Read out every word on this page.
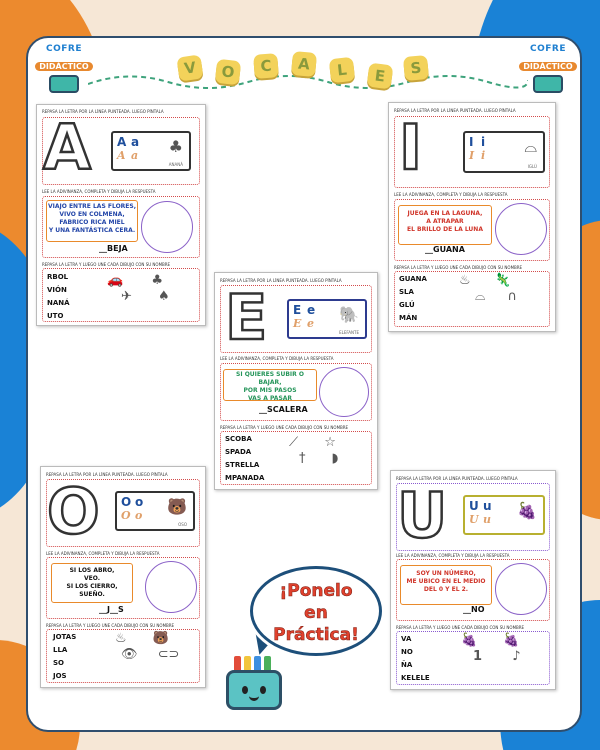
COFRE
DIDÁCTICO
COFRE
DIDÁCTICO
V	O	C	A	L	E	S
REPASA LA LETRA POR LA LÍNEA PUNTEADA. LUEGO PÍNTALA
A A a
A a ♣
ANANÁ
LEE LA ADIVINANZA, COMPLETA Y DIBUJA LA RESPUESTA
VIAJO ENTRE LAS FLORES,
VIVO EN COLMENA,
FABRICO RICA MIEL
Y UNA FANTÁSTICA CERA.
__BEJA
REPASA LA LETRA Y LUEGO UNE CADA DIBUJO CON SU NOMBRE
RBOL
VIÓN
NANÁ
UTO
🚗 ♣
✈ ♠
REPASA LA LETRA POR LA LÍNEA PUNTEADA. LUEGO PÍNTALA
I	I i
I i ⌓
IGLÚ
LEE LA ADIVINANZA, COMPLETA Y DIBUJA LA RESPUESTA
JUEGA EN LA LAGUNA,
A ATRAPAR
EL BRILLO DE LA LUNA
__GUANA
REPASA LA LETRA Y LUEGO UNE CADA DIBUJO CON SU NOMBRE
GUANA
SLA
GLÚ
MÁN
♨ 🦎
⌓ ∩
REPASA LA LETRA POR LA LÍNEA PUNTEADA. LUEGO PÍNTALA
E E e
E e 🐘
ELEFANTE
LEE LA ADIVINANZA, COMPLETA Y DIBUJA LA RESPUESTA
SI QUIERES SUBIR O BAJAR,
POR MIS PASOS
VAS A PASAR
__SCALERA
REPASA LA LETRA Y LUEGO UNE CADA DIBUJO CON SU NOMBRE
SCOBA
SPADA
STRELLA
MPANADA
⟋ ☆
† ◗
REPASA LA LETRA POR LA LÍNEA PUNTEADA. LUEGO PÍNTALA
O O o
O o 🐻
OSO
LEE LA ADIVINANZA, COMPLETA Y DIBUJA LA RESPUESTA
SI LOS ABRO,
VEO.
SI LOS CIERRO,
SUEÑO.
__J__S
REPASA LA LETRA Y LUEGO UNE CADA DIBUJO CON SU NOMBRE
JOTAS
LLA
SO
JOS
♨ 🐻
👁 ⊂⊃
REPASA LA LETRA POR LA LÍNEA PUNTEADA. LUEGO PÍNTALA
U U u
U u 🍇
LEE LA ADIVINANZA, COMPLETA Y DIBUJA LA RESPUESTA
SOY UN NÚMERO,
ME UBICO EN EL MEDIO
DEL 0 Y EL 2.
__NO
REPASA LA LETRA Y LUEGO UNE CADA DIBUJO CON SU NOMBRE
VA
NO
ÑA
KELELE
🍇 🍇
1 ♪
¡Ponelo
en
Práctica!
